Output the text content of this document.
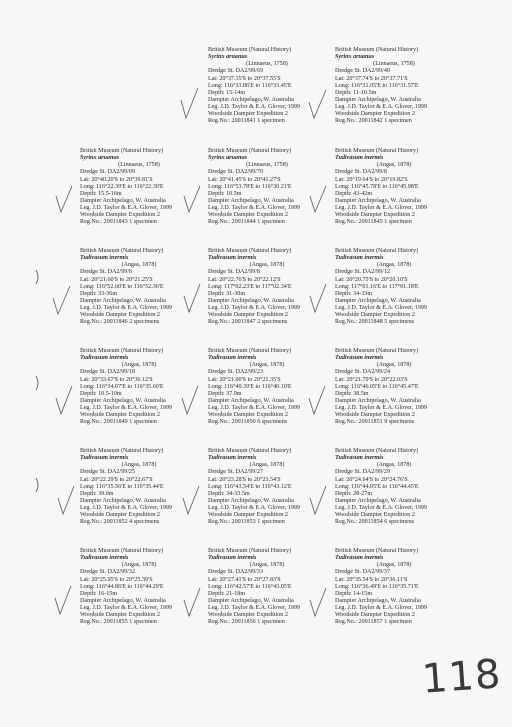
British Museum (Natural History)
Syrinx aruanus
(Linnaeus, 1758)
Dredge St. DA2/99/69
Lat: 20°37.15'S to 20°37.55'S
Long: 116°33.86'E to 116°33.45'E
Depth: 15-14m
Dampier Archipelago, W. Australia
Leg. J.D. Taylor & E.A. Glover, 1999
Woodside Dampier Expedition 2
Reg.No.: 20011841 1 specimen
British Museum (Natural History)
Syrinx aruanus
(Linnaeus, 1758)
Dredge St. DA2/99/40
Lat: 20°37.74'S to 20°37.71'S
Long: 116°31.05'E to 116°31.57'E
Depth: 11-10.5m
Dampier Archipelago, W. Australia
Leg. J.D. Taylor & E.A. Glover, 1999
Woodside Dampier Expedition 2
Reg.No.: 20011842 1 specimen
British Museum (Natural History)
Syrinx aruanus
(Linnaeus, 1758)
Dredge St. DA2/99/09
Lat: 20°40.20'S to 20°39.81'S
Long: 116°22.39'E to 116°22.30'E
Depth: 15.5-16m
Dampier Archipelago, W. Australia
Leg. J.D. Taylor & E.A. Glover, 1999
Woodside Dampier Expedition 2
Reg.No.: 20011843 1 specimen
British Museum (Natural History)
Syrinx aruanus
(Linnaeus, 1758)
Dredge St. DA2/99/70
Lat: 20°41.45'S to 20°41.27'S
Long: 116°53.78'E to 116°30.21'E
Depth: 10.5m
Dampier Archipelago, W. Australia
Leg. J.D. Taylor & E.A. Glover, 1999
Woodside Dampier Expedition 2
Reg.No.: 20011844 1 specimen
British Museum (Natural History)
Tudivasum inermis
(Angas, 1878)
Dredge St. DA2/99/8
Lat: 20°19.64'S to 20°19.82'S
Long: 116°45.78'E to 116°45.98'E
Depth: 43-42m
Dampier Archipelago, W. Australia
Leg. J.D. Taylor & E.A. Glover, 1999
Woodside Dampier Expedition 2
Reg.No.: 20011845 1 specimen
British Museum (Natural History)
Tudivasum inermis
(Angas, 1878)
Dredge St. DA2/99/6
Lat: 20°21.60'S to 20°21.25'S
Long: 116°52.60'E to 116°52.36'E
Depth: 33-36m
Dampier Archipelago, W. Australia
Leg. J.D. Taylor & E.A. Glover, 1999
Woodside Dampier Expedition 2
Reg.No.: 20011846 2 specimens
British Museum (Natural History)
Tudivasum inermis
(Angas, 1878)
Dredge St. DA2/99/8
Lat: 20°22.76'S to 20°22.12'S
Long: 117°02.23'E to 117°02.34'E
Depth: 31-30m
Dampier Archipelago, W. Australia
Leg. J.D. Taylor & E.A. Glover, 1999
Woodside Dampier Expedition 2
Reg.No.: 20011847 2 specimens
British Museum (Natural History)
Tudivasum inermis
(Angas, 1878)
Dredge St. DA2/99/12
Lat: 20°20.75'S to 20°20.10'S
Long: 117°01.16'E to 117°01.18'E
Depth: 34-33m
Dampier Archipelago, W. Australia
Leg. J.D. Taylor & E.A. Glover, 1999
Woodside Dampier Expedition 2
Reg.No.: 20011848 5 specimens
British Museum (Natural History)
Tudivasum inermis
(Angas, 1878)
Dredge St. DA2/99/18
Lat: 20°33.67'S to 20°36.12'S
Long: 116°34.07'E to 116°35.60'E
Depth: 10.5-10m
Dampier Archipelago, W. Australia
Leg. J.D. Taylor & E.A. Glover, 1999
Woodside Dampier Expedition 2
Reg.No.: 20011849 1 specimen
British Museum (Natural History)
Tudivasum inermis
(Angas, 1878)
Dredge St. DA2/99/23
Lat: 20°21.00'S to 20°21.35'S
Long: 116°40.39'E to 116°40.10'E
Depth: 37.0m
Dampier Archipelago, W. Australia
Leg. J.D. Taylor & E.A. Glover, 1999
Woodside Dampier Expedition 2
Reg.No.: 20011850 6 specimens
British Museum (Natural History)
Tudivasum inermis
(Angas, 1878)
Dredge St. DA2/99/24
Lat: 20°21.79'S to 20°22.03'S
Long: 116°46.05'E to 116°45.47'E
Depth: 38.5m
Dampier Archipelago, W. Australia
Leg. J.D. Taylor & E.A. Glover, 1999
Woodside Dampier Expedition 2
Reg.No.: 20011851 9 specimens
British Museum (Natural History)
Tudivasum inermis
(Angas, 1878)
Dredge St. DA2/99/25
Lat: 20°22.29'S to 20°22.67'S
Long: 116°35.56'E to 116°35.44'E
Depth: 39.0m
Dampier Archipelago, W. Australia
Leg. J.D. Taylor & E.A. Glover, 1999
Woodside Dampier Expedition 2
Reg.No.: 20011852 4 specimens
British Museum (Natural History)
Tudivasum inermis
(Angas, 1878)
Dredge St. DA2/99/27
Lat: 20°23.28'S to 20°23.54'S
Long: 116°43.54'E to 116°43.12'E
Depth: 34-33.5m
Dampier Archipelago, W. Australia
Leg. J.D. Taylor & E.A. Glover, 1999
Woodside Dampier Expedition 2
Reg.No.: 20011853 1 specimen
British Museum (Natural History)
Tudivasum inermis
(Angas, 1878)
Dredge St. DA2/99/29
Lat: 20°24.64'S to 20°24.76'S
Long: 116°44.05'E to 116°44.45'E
Depth: 28-27m
Dampier Archipelago, W. Australia
Leg. J.D. Taylor & E.A. Glover, 1999
Woodside Dampier Expedition 2
Reg.No.: 20011854 6 specimens
British Museum (Natural History)
Tudivasum inermis
(Angas, 1878)
Dredge St. DA2/99/32
Lat: 20°25.95'S to 20°25.39'S
Long: 116°44.86'E to 116°44.29'E
Depth: 16-15m
Dampier Archipelago, W. Australia
Leg. J.D. Taylor & E.A. Glover, 1999
Woodside Dampier Expedition 2
Reg.No.: 20011855 1 specimen
British Museum (Natural History)
Tudivasum inermis
(Angas, 1878)
Dredge St. DA2/99/33
Lat: 20°27.41'S to 20°27.83'S
Long: 116°42.57'E to 116°43.05'E
Depth: 21-18m
Dampier Archipelago, W. Australia
Leg. J.D. Taylor & E.A. Glover, 1999
Woodside Dampier Expedition 2
Reg.No.: 20011856 1 specimen
British Museum (Natural History)
Tudivasum inermis
(Angas, 1878)
Dredge St. DA2/99/37
Lat: 20°35.54'S to 20°36.11'S
Long: 116°36.49'E to 116°35.71'E
Depth: 14-15m
Dampier Archipelago, W. Australia
Leg. J.D. Taylor & E.A. Glover, 1999
Woodside Dampier Expedition 2
Reg.No.: 20011857 1 specimen
118
